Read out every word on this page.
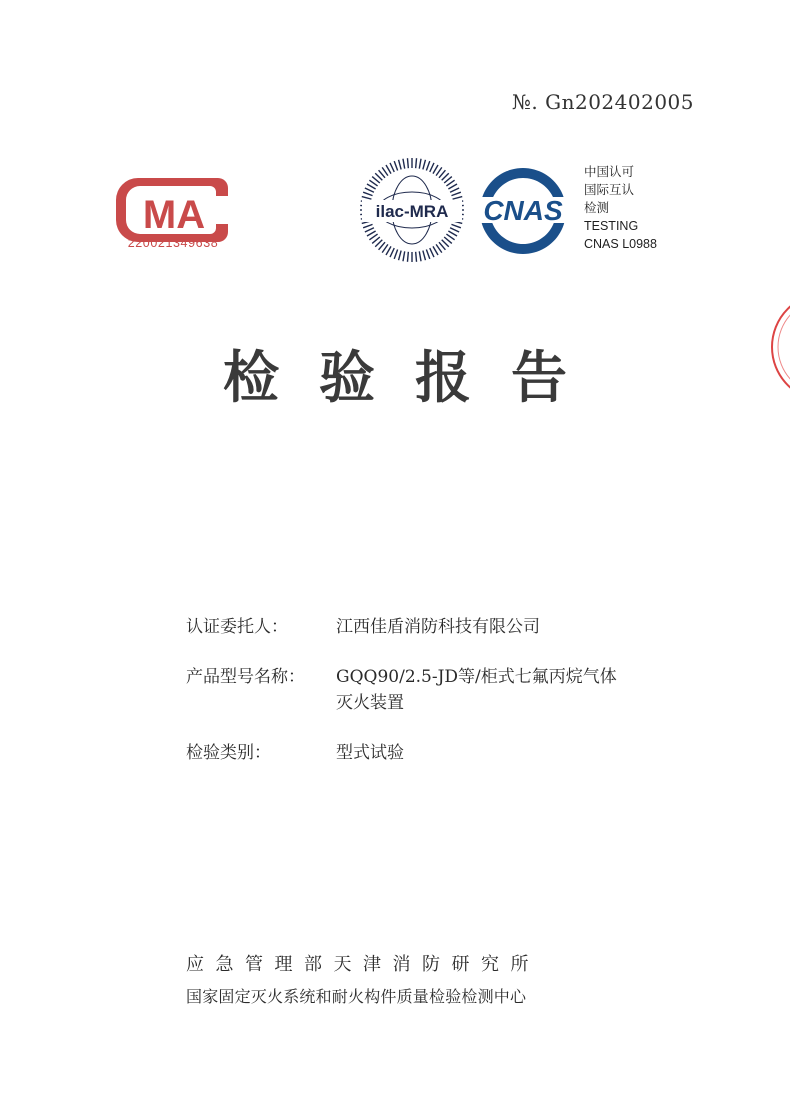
№. Gn202402005
MA
220021349638
ilac-MRA CNAS
中国认可
国际互认
检测
TESTING
CNAS L0988
检验报告
认证委托人：	江西佳盾消防科技有限公司
产品型号名称：	GQQ90/2.5-JD等/柜式七氟丙烷气体
灭火装置
检验类别：	型式试验
应急管理部天津消防研究所
国家固定灭火系统和耐火构件质量检验检测中心
